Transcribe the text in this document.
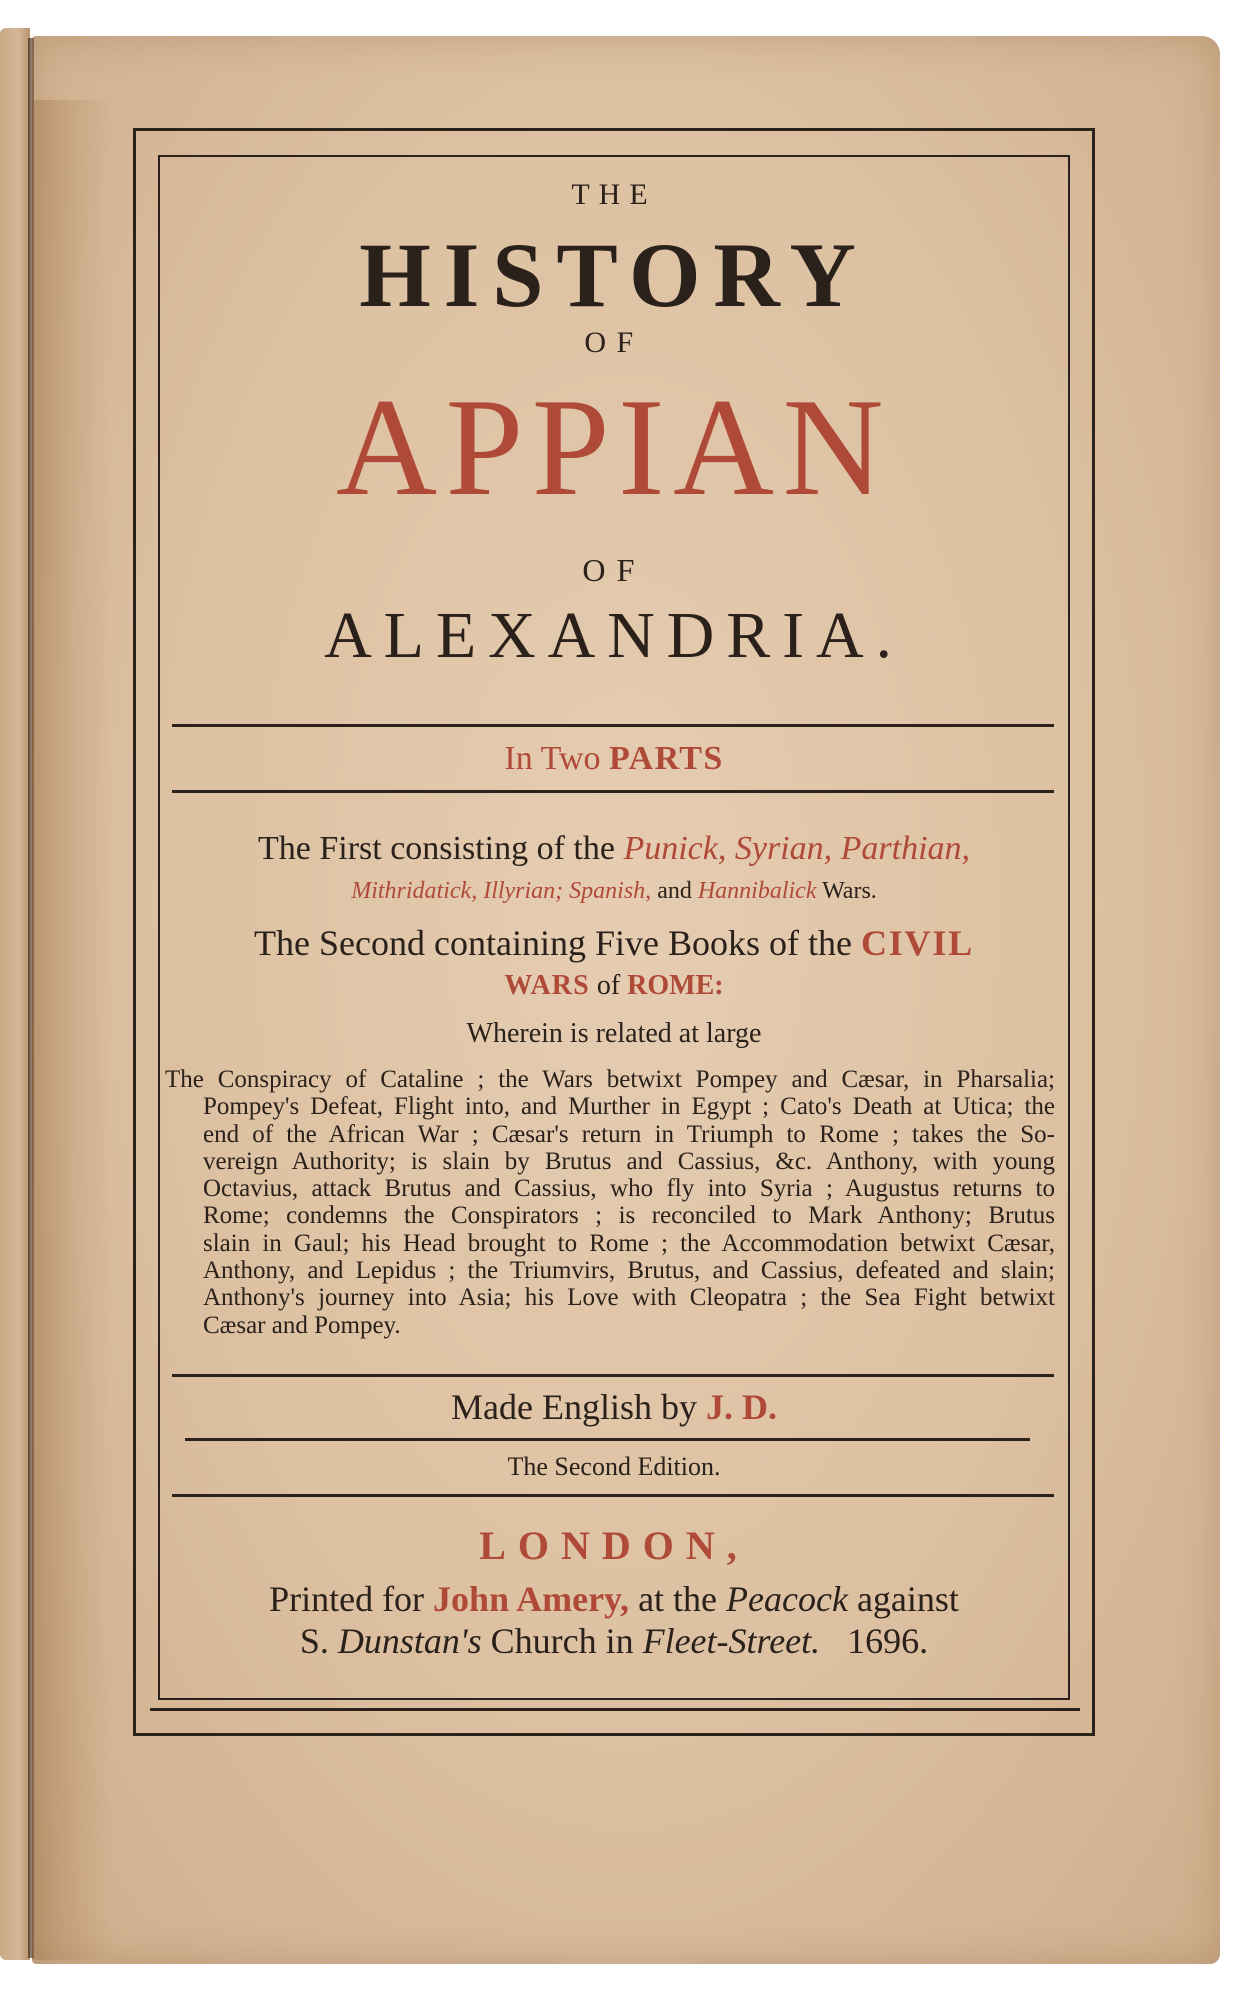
THE
HISTORY
OF
APPIAN
OF
ALEXANDRIA.
In Two PARTS
The First consisting of the Punick, Syrian, Parthian,
Mithridatick, Illyrian; Spanish, and Hannibalick Wars.
The Second containing Five Books of the CIVIL
WARS of ROME:
Wherein is related at large
The Conspiracy of Cataline ; the Wars betwixt Pompey and Cæsar, in Pharsalia;
Pompey's Defeat, Flight into, and Murther in Egypt ; Cato's Death at Utica; the
end of the African War ; Cæsar's return in Triumph to Rome ; takes the So-
vereign Authority; is slain by Brutus and Cassius, &c. Anthony, with young
Octavius, attack Brutus and Cassius, who fly into Syria ; Augustus returns to
Rome; condemns the Conspirators ; is reconciled to Mark Anthony; Brutus
slain in Gaul; his Head brought to Rome ; the Accommodation betwixt Cæsar,
Anthony, and Lepidus ; the Triumvirs, Brutus, and Cassius, defeated and slain;
Anthony's journey into Asia; his Love with Cleopatra ; the Sea Fight betwixt
Cæsar and Pompey.
Made English by J. D.
The Second Edition.
LONDON,
Printed for John Amery, at the Peacock against
S. Dunstan's Church in Fleet-Street. 1696.
